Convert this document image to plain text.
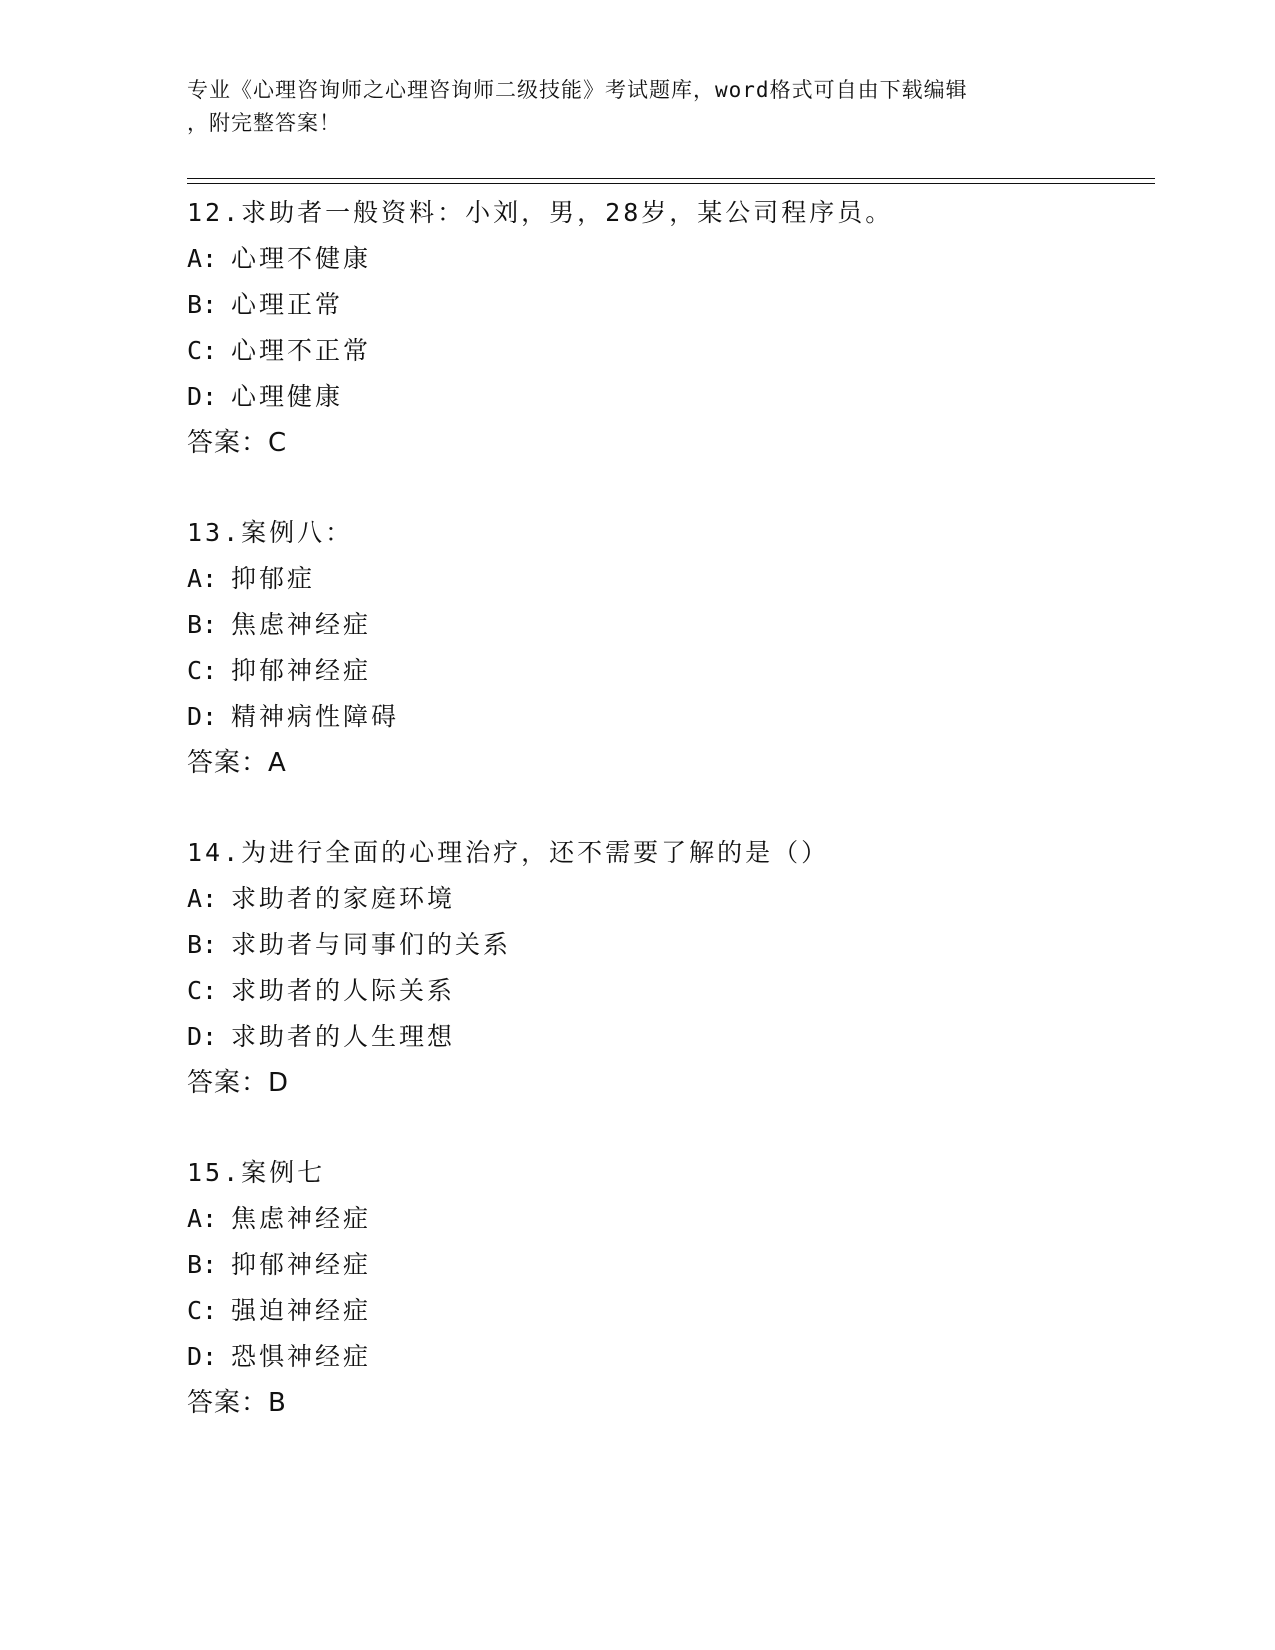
专业《心理咨询师之心理咨询师二级技能》考试题库，word格式可自由下载编辑
，附完整答案！
12.求助者一般资料：小刘，男，28岁，某公司程序员。
A: 心理不健康
B: 心理正常
C: 心理不正常
D: 心理健康
答案：C
13.案例八：
A: 抑郁症
B: 焦虑神经症
C: 抑郁神经症
D: 精神病性障碍
答案：A
14.为进行全面的心理治疗，还不需要了解的是（）
A: 求助者的家庭环境
B: 求助者与同事们的关系
C: 求助者的人际关系
D: 求助者的人生理想
答案：D
15.案例七
A: 焦虑神经症
B: 抑郁神经症
C: 强迫神经症
D: 恐惧神经症
答案：B
